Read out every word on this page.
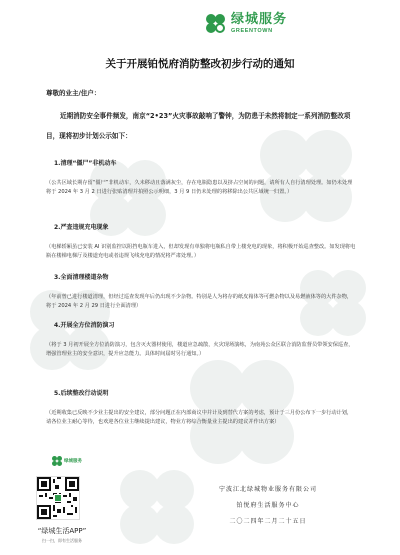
绿城服务
GREENTOWN
关于开展铂悦府消防整改初步行动的通知
尊敬的业主/住户：
近期消防安全事件频发，南京“2•23”火灾事故敲响了警钟，为防患于未然将制定一系列消防整改项目，现将初步计划公示如下：
1.清理“僵尸”非机动车
（公共区域长期存留“僵尸”非机动车，久未移动且落满灰尘，存在电瓶隐患以及挤占空间的问题，请所有人自行清理处理。如仍未处理将于 2024 年 3 月 2 日进行张贴清理并拍照公示明细，3 月 9 日仍未处理的将移除出公共区域统一归置。）
2.严查违规充电现象
（电梯轿厢虽已安装 AI 识别监控以阻挡电瓶车进入，但却发现有单独将电瓶私自带上楼充电的现象，将积极开始巡查整改。如发现将电瓶在楼梯电梯厅及楼道充电或者违规飞线充电的情况将严肃处理。）
3.全面清理楼道杂物
（年前曾已进行楼道清理，但经过巡查发现年后仍出现不少杂物。特别是人为将存的纸皮箱体等可燃杂物以及易燃液体等的大件杂物，将于 2024 年 2 月 29 日进行全面清理）
4.开展全方位消防演习
（将于 3 月初开展全方位消防演习，包含灭火器材使用，楼道应急疏散，火灾现场演练，为南苑公众区联合消防监督员带领安保巡查，增强管理业主的安全意识，提升应急能力。具体时间届时另行通知。）
5.后续整改行动说明
（近期收集已反映不少业主提出的安全建议，部分问题正在内部商议中并计及到替代方案的考虑，预计于三月份公布下一步行动计划，请各位业主耐心等待，也欢迎各位业主继续提出建议，物业方将综合衡量业主提出的建议并作出方案）
宁波江北绿城物业服务有限公司
铂悦府生活服务中心
二〇二四年二月二十五日
绿城服务
“绿城生活APP”
扫一扫，即有生活服务
